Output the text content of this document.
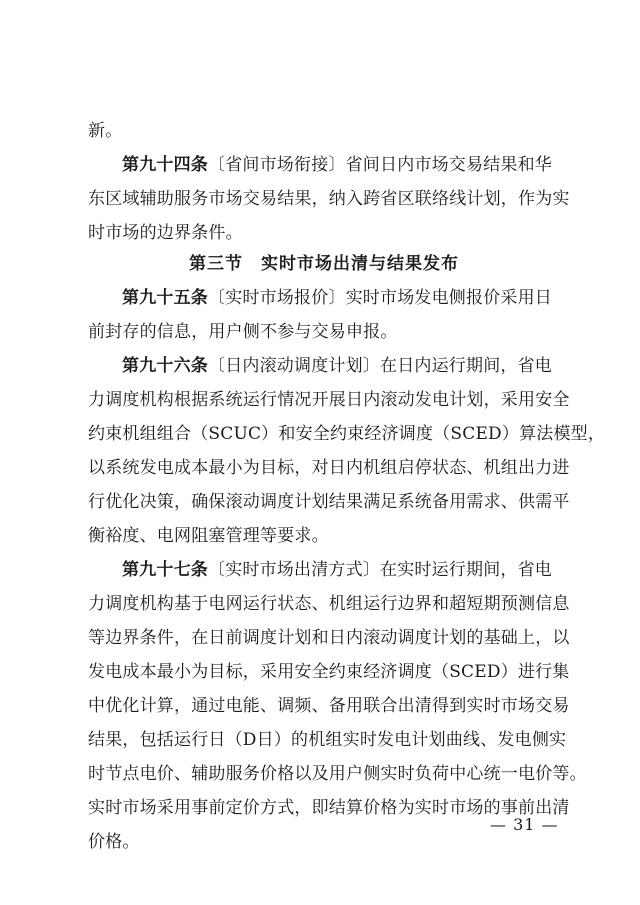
新。
第九十四条〔省间市场衔接〕省间日内市场交易结果和华
东区域辅助服务市场交易结果，纳入跨省区联络线计划，作为实
时市场的边界条件。
第三节　实时市场出清与结果发布
第九十五条〔实时市场报价〕实时市场发电侧报价采用日
前封存的信息，用户侧不参与交易申报。
第九十六条〔日内滚动调度计划〕在日内运行期间，省电
力调度机构根据系统运行情况开展日内滚动发电计划，采用安全
约束机组组合（SCUC）和安全约束经济调度（SCED）算法模型，
以系统发电成本最小为目标，对日内机组启停状态、机组出力进
行优化决策，确保滚动调度计划结果满足系统备用需求、供需平
衡裕度、电网阻塞管理等要求。
第九十七条〔实时市场出清方式〕在实时运行期间，省电
力调度机构基于电网运行状态、机组运行边界和超短期预测信息
等边界条件，在日前调度计划和日内滚动调度计划的基础上，以
发电成本最小为目标，采用安全约束经济调度（SCED）进行集
中优化计算，通过电能、调频、备用联合出清得到实时市场交易
结果，包括运行日（D日）的机组实时发电计划曲线、发电侧实
时节点电价、辅助服务价格以及用户侧实时负荷中心统一电价等。
实时市场采用事前定价方式，即结算价格为实时市场的事前出清
价格。
— 31 —
